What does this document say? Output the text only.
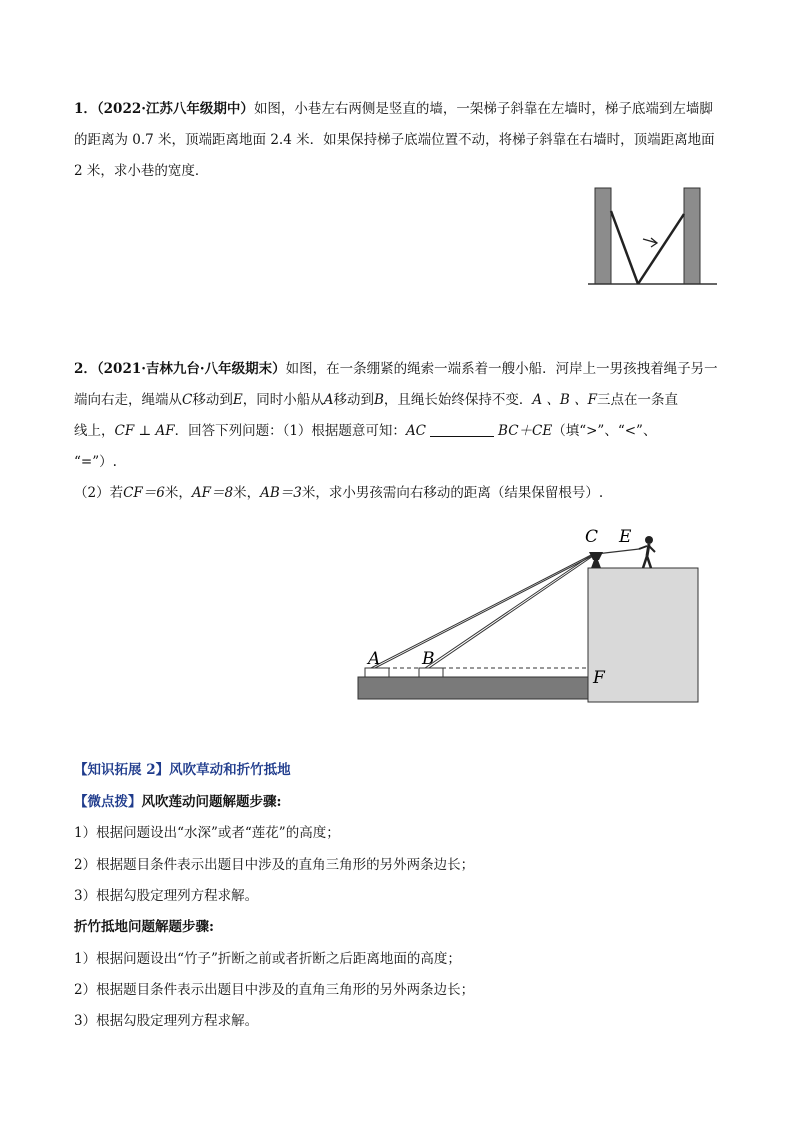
1．（2022·江苏八年级期中）如图，小巷左右两侧是竖直的墙，一架梯子斜靠在左墙时，梯子底端到左墙脚
的距离为 0.7 米，顶端距离地面 2.4 米．如果保持梯子底端位置不动，将梯子斜靠在右墙时，顶端距离地面
2 米，求小巷的宽度．
2．（2021·吉林九台·八年级期末）如图，在一条绷紧的绳索一端系着一艘小船．河岸上一男孩拽着绳子另一
端向右走，绳端从C移动到E，同时小船从A移动到B，且绳长始终保持不变．A 、B 、F三点在一条直
线上，CF ⊥ AF．回答下列问题：（1）根据题意可知：AC	BC＋CE（填“>”、“<”、
“=”）.
（2）若CF＝6米，AF＝8米，AB＝3米，求小男孩需向右移动的距离（结果保留根号）.
C E
A B
F
【知识拓展 2】风吹草动和折竹抵地
【微点拨】风吹莲动问题解题步骤:
1）根据问题设出“水深”或者“莲花”的高度；
2）根据题目条件表示出题目中涉及的直角三角形的另外两条边长；
3）根据勾股定理列方程求解。
折竹抵地问题解题步骤:
1）根据问题设出“竹子”折断之前或者折断之后距离地面的高度；
2）根据题目条件表示出题目中涉及的直角三角形的另外两条边长；
3）根据勾股定理列方程求解。
